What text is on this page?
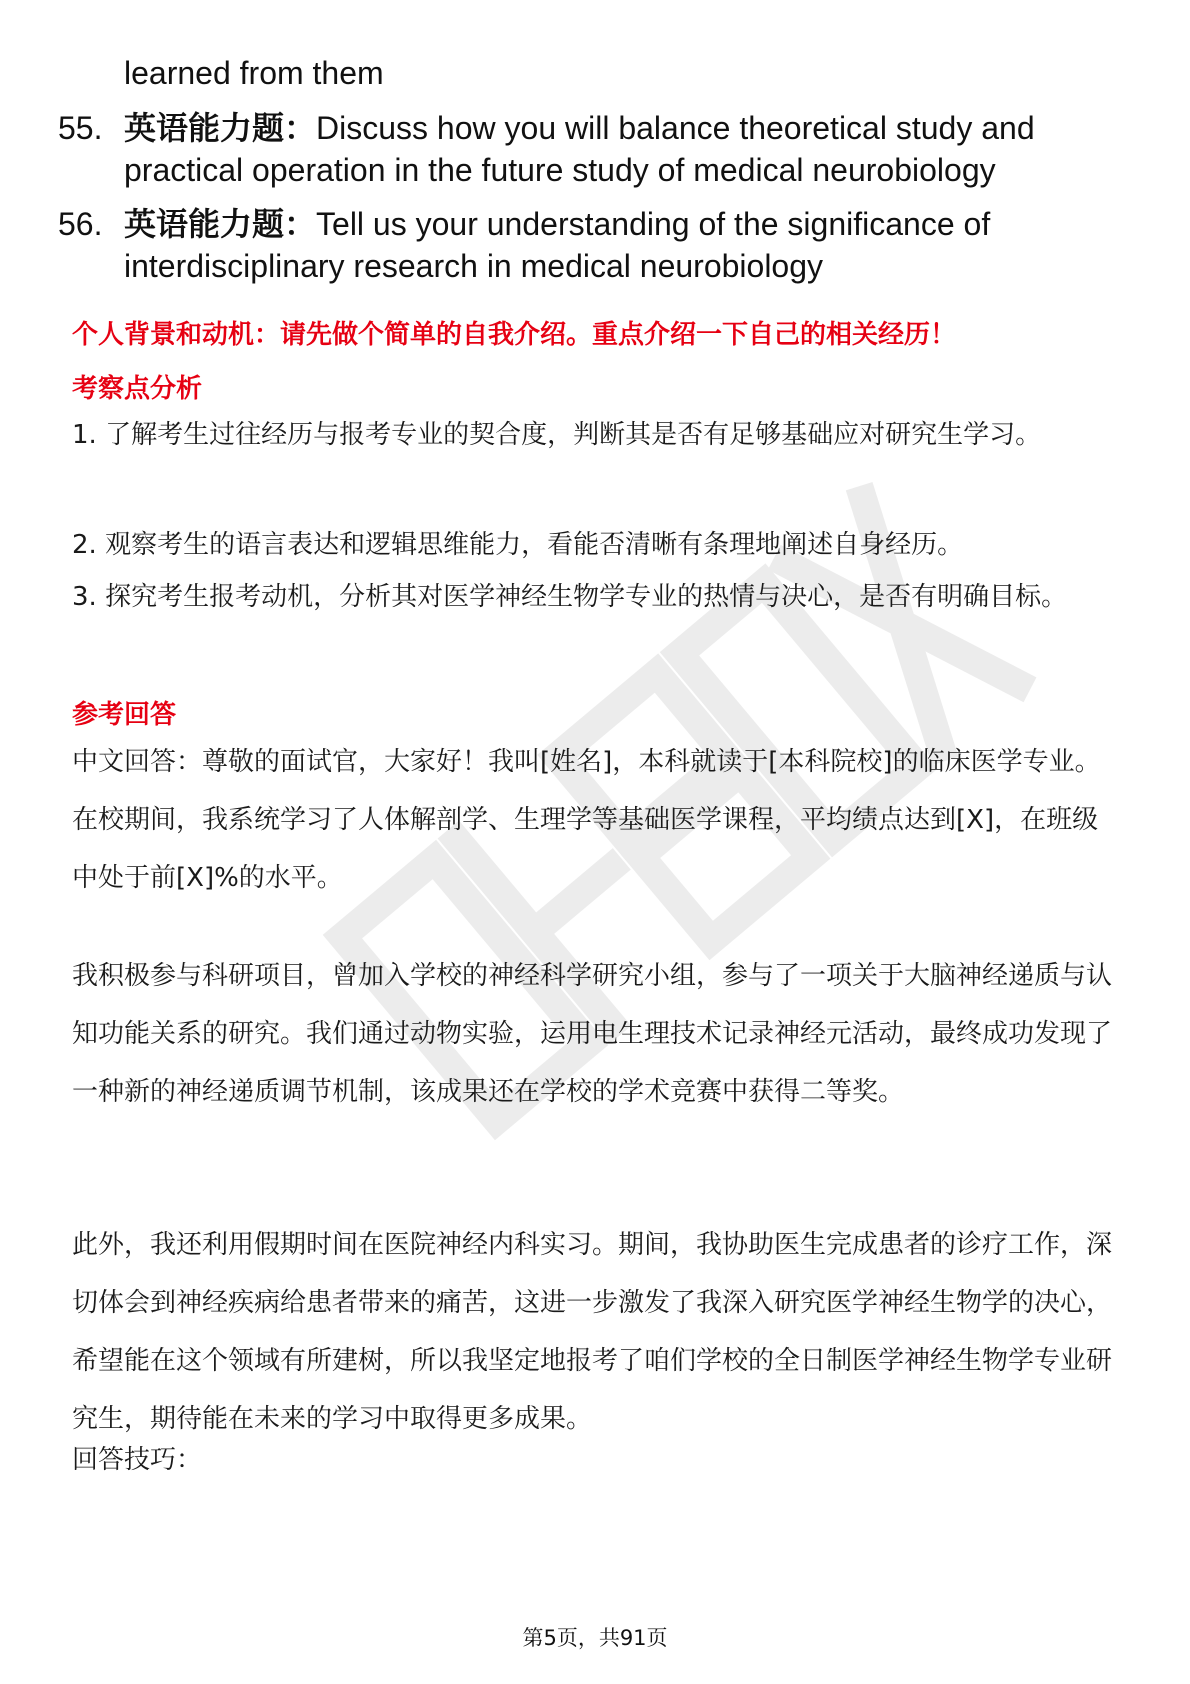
learned from them
55. 英语能力题：Discuss how you will balance theoretical study and practical operation in the future study of medical neurobiology
56. 英语能力题：Tell us your understanding of the significance of interdisciplinary research in medical neurobiology
个人背景和动机：请先做个简单的自我介绍。重点介绍一下自己的相关经历！
考察点分析
1. 了解考生过往经历与报考专业的契合度，判断其是否有足够基础应对研究生学习。
2. 观察考生的语言表达和逻辑思维能力，看能否清晰有条理地阐述自身经历。
3. 探究考生报考动机，分析其对医学神经生物学专业的热情与决心，是否有明确目标。
参考回答
中文回答：尊敬的面试官，大家好！我叫[姓名]，本科就读于[本科院校]的临床医学专业。在校期间，我系统学习了人体解剖学、生理学等基础医学课程，平均绩点达到[X]，在班级中处于前[X]%的水平。
我积极参与科研项目，曾加入学校的神经科学研究小组，参与了一项关于大脑神经递质与认知功能关系的研究。我们通过动物实验，运用电生理技术记录神经元活动，最终成功发现了一种新的神经递质调节机制，该成果还在学校的学术竞赛中获得二等奖。
此外，我还利用假期时间在医院神经内科实习。期间，我协助医生完成患者的诊疗工作，深切体会到神经疾病给患者带来的痛苦，这进一步激发了我深入研究医学神经生物学的决心，希望能在这个领域有所建树，所以我坚定地报考了咱们学校的全日制医学神经生物学专业研究生，期待能在未来的学习中取得更多成果。
回答技巧：
第5页，共91页
